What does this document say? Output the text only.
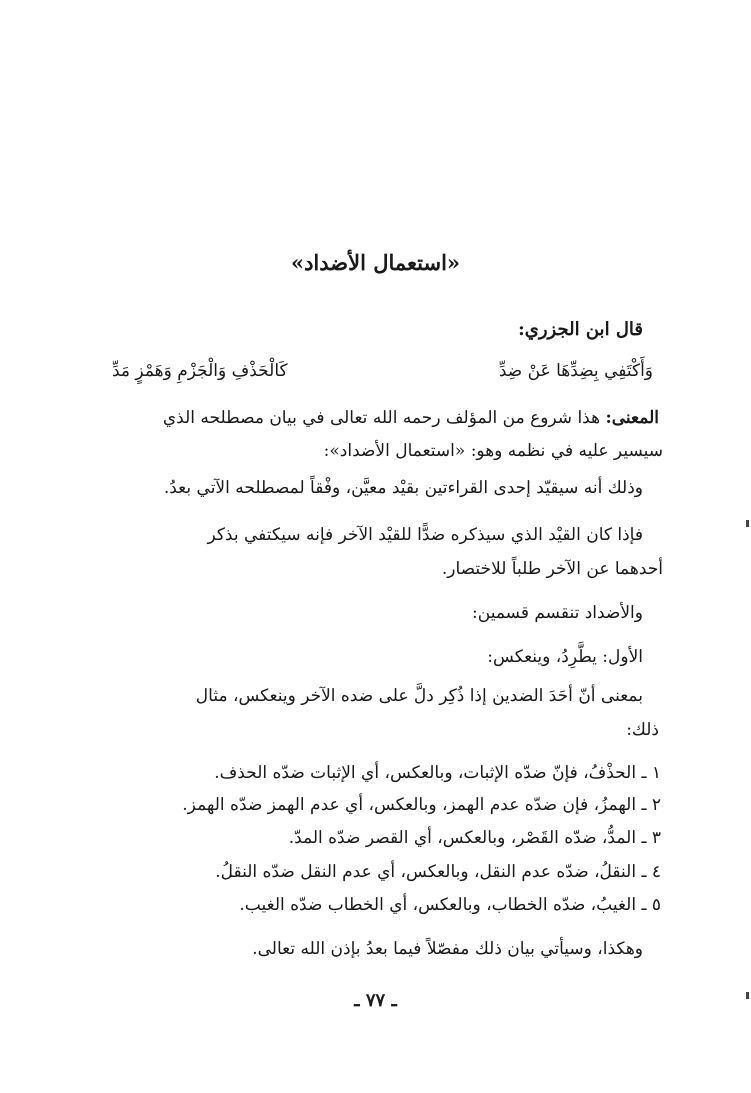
«استعمال الأضداد»
قال ابن الجزري:
وَأَكْتَفِي بِضِدِّهَا عَنْ ضِدِّ
كَالْحَذْفِ وَالْجَزْمِ وَهَمْزٍ مَدِّ
المعنى: هذا شروع من المؤلف رحمه الله تعالى في بيان مصطلحه الذي
سيسير عليه في نظمه وهو: «استعمال الأضداد»:
وذلك أنه سيقيّد إحدى القراءتين بقيْد معيَّن، وفْقاً لمصطلحه الآتي بعدُ.
فإذا كان القيْد الذي سيذكره ضدًّا للقيْد الآخر فإنه سيكتفي بذكر
أحدهما عن الآخر طلباً للاختصار.
والأضداد تنقسم قسمين:
الأول: يطَّرِدُ، وينعكس:
بمعنى أنّ أحَدَ الضدين إذا ذُكِر دلَّ على ضده الآخر وينعكس، مثال
ذلك:
١ ـ الحذْفُ، فإنّ ضدّه الإثبات، وبالعكس، أي الإثبات ضدّه الحذف.
٢ ـ الهمزُ، فإن ضدّه عدم الهمز، وبالعكس، أي عدم الهمز ضدّه الهمز.
٣ ـ المدُّ، ضدّه القَصْر، وبالعكس، أي القصر ضدّه المدّ.
٤ ـ النقلُ، ضدّه عدم النقل، وبالعكس، أي عدم النقل ضدّه النقلُ.
٥ ـ الغيبُ، ضدّه الخطاب، وبالعكس، أي الخطاب ضدّه الغيب.
وهكذا، وسيأتي بيان ذلك مفصّلاً فيما بعدُ بإذن الله تعالى.
ـ ٧٧ ـ
